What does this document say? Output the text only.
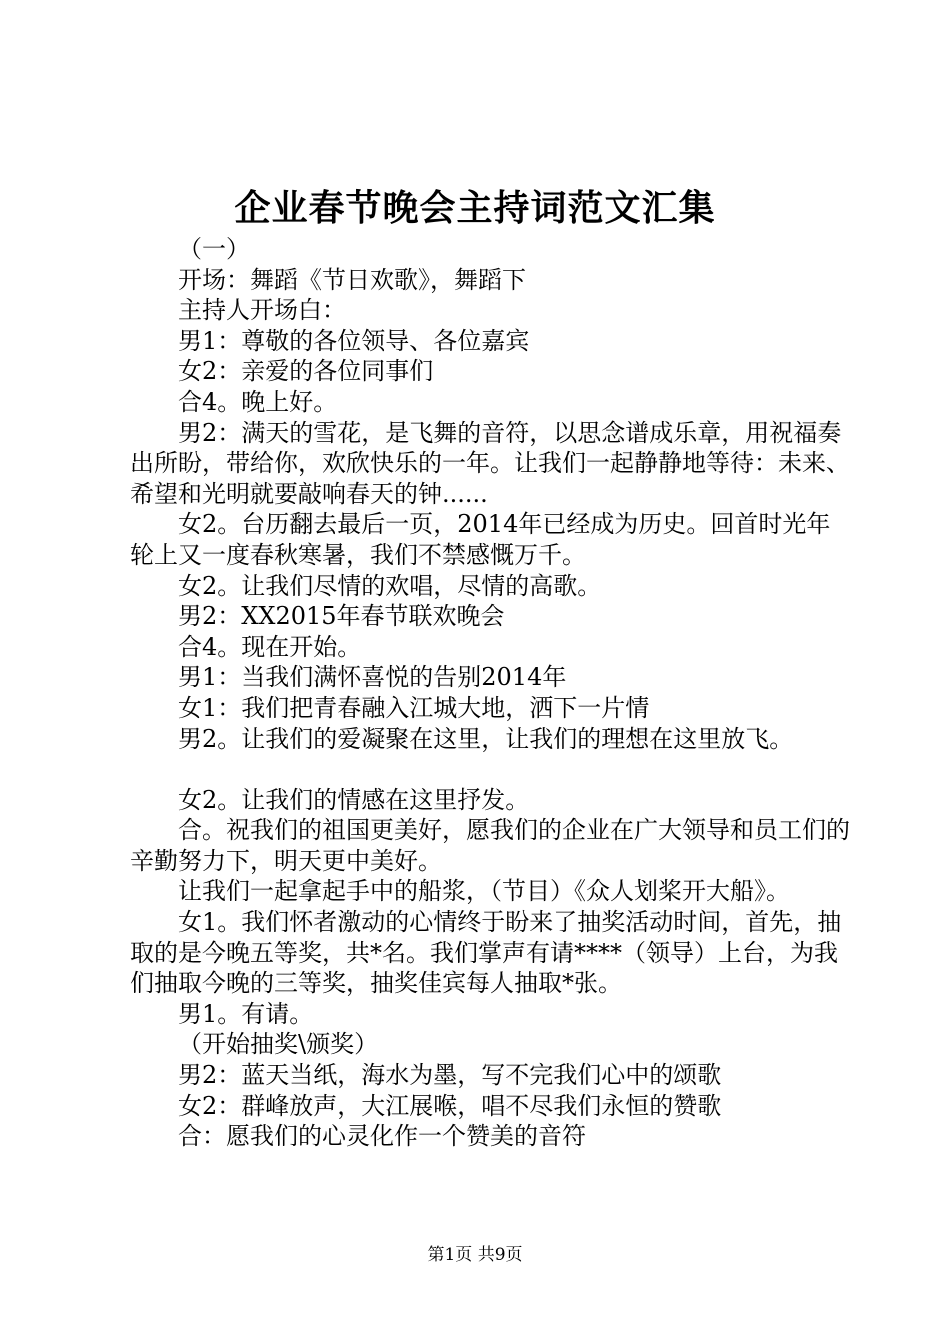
企业春节晚会主持词范文汇集

（一）

开场：舞蹈《节日欢歌》，舞蹈下

主持人开场白：

男1：尊敬的各位领导、各位嘉宾

女2：亲爱的各位同事们

合4。晚上好。

男2：满天的雪花，是飞舞的音符，以思念谱成乐章，用祝福奏出所盼，带给你，欢欣快乐的一年。让我们一起静静地等待：未来、希望和光明就要敲响春天的钟......

女2。台历翻去最后一页，2014年已经成为历史。回首时光年轮上又一度春秋寒暑，我们不禁感慨万千。

女2。让我们尽情的欢唱，尽情的高歌。

男2：XX2015年春节联欢晚会

合4。现在开始。

男1：当我们满怀喜悦的告别2014年

女1：我们把青春融入江城大地，洒下一片情

男2。让我们的爱凝聚在这里，让我们的理想在这里放飞。

女2。让我们的情感在这里抒发。

合。祝我们的祖国更美好，愿我们的企业在广大领导和员工们的辛勤努力下，明天更中美好。

让我们一起拿起手中的船浆，（节目）《众人划桨开大船》。

女1。我们怀者激动的心情终于盼来了抽奖活动时间，首先，抽取的是今晚五等奖，共*名。我们掌声有请****（领导）上台，为我们抽取今晚的三等奖，抽奖佳宾每人抽取*张。

男1。有请。

（开始抽奖\颁奖）

男2：蓝天当纸，海水为墨，写不完我们心中的颂歌

女2：群峰放声，大江展喉，唱不尽我们永恒的赞歌

合：愿我们的心灵化作一个赞美的音符

第1页 共9页
